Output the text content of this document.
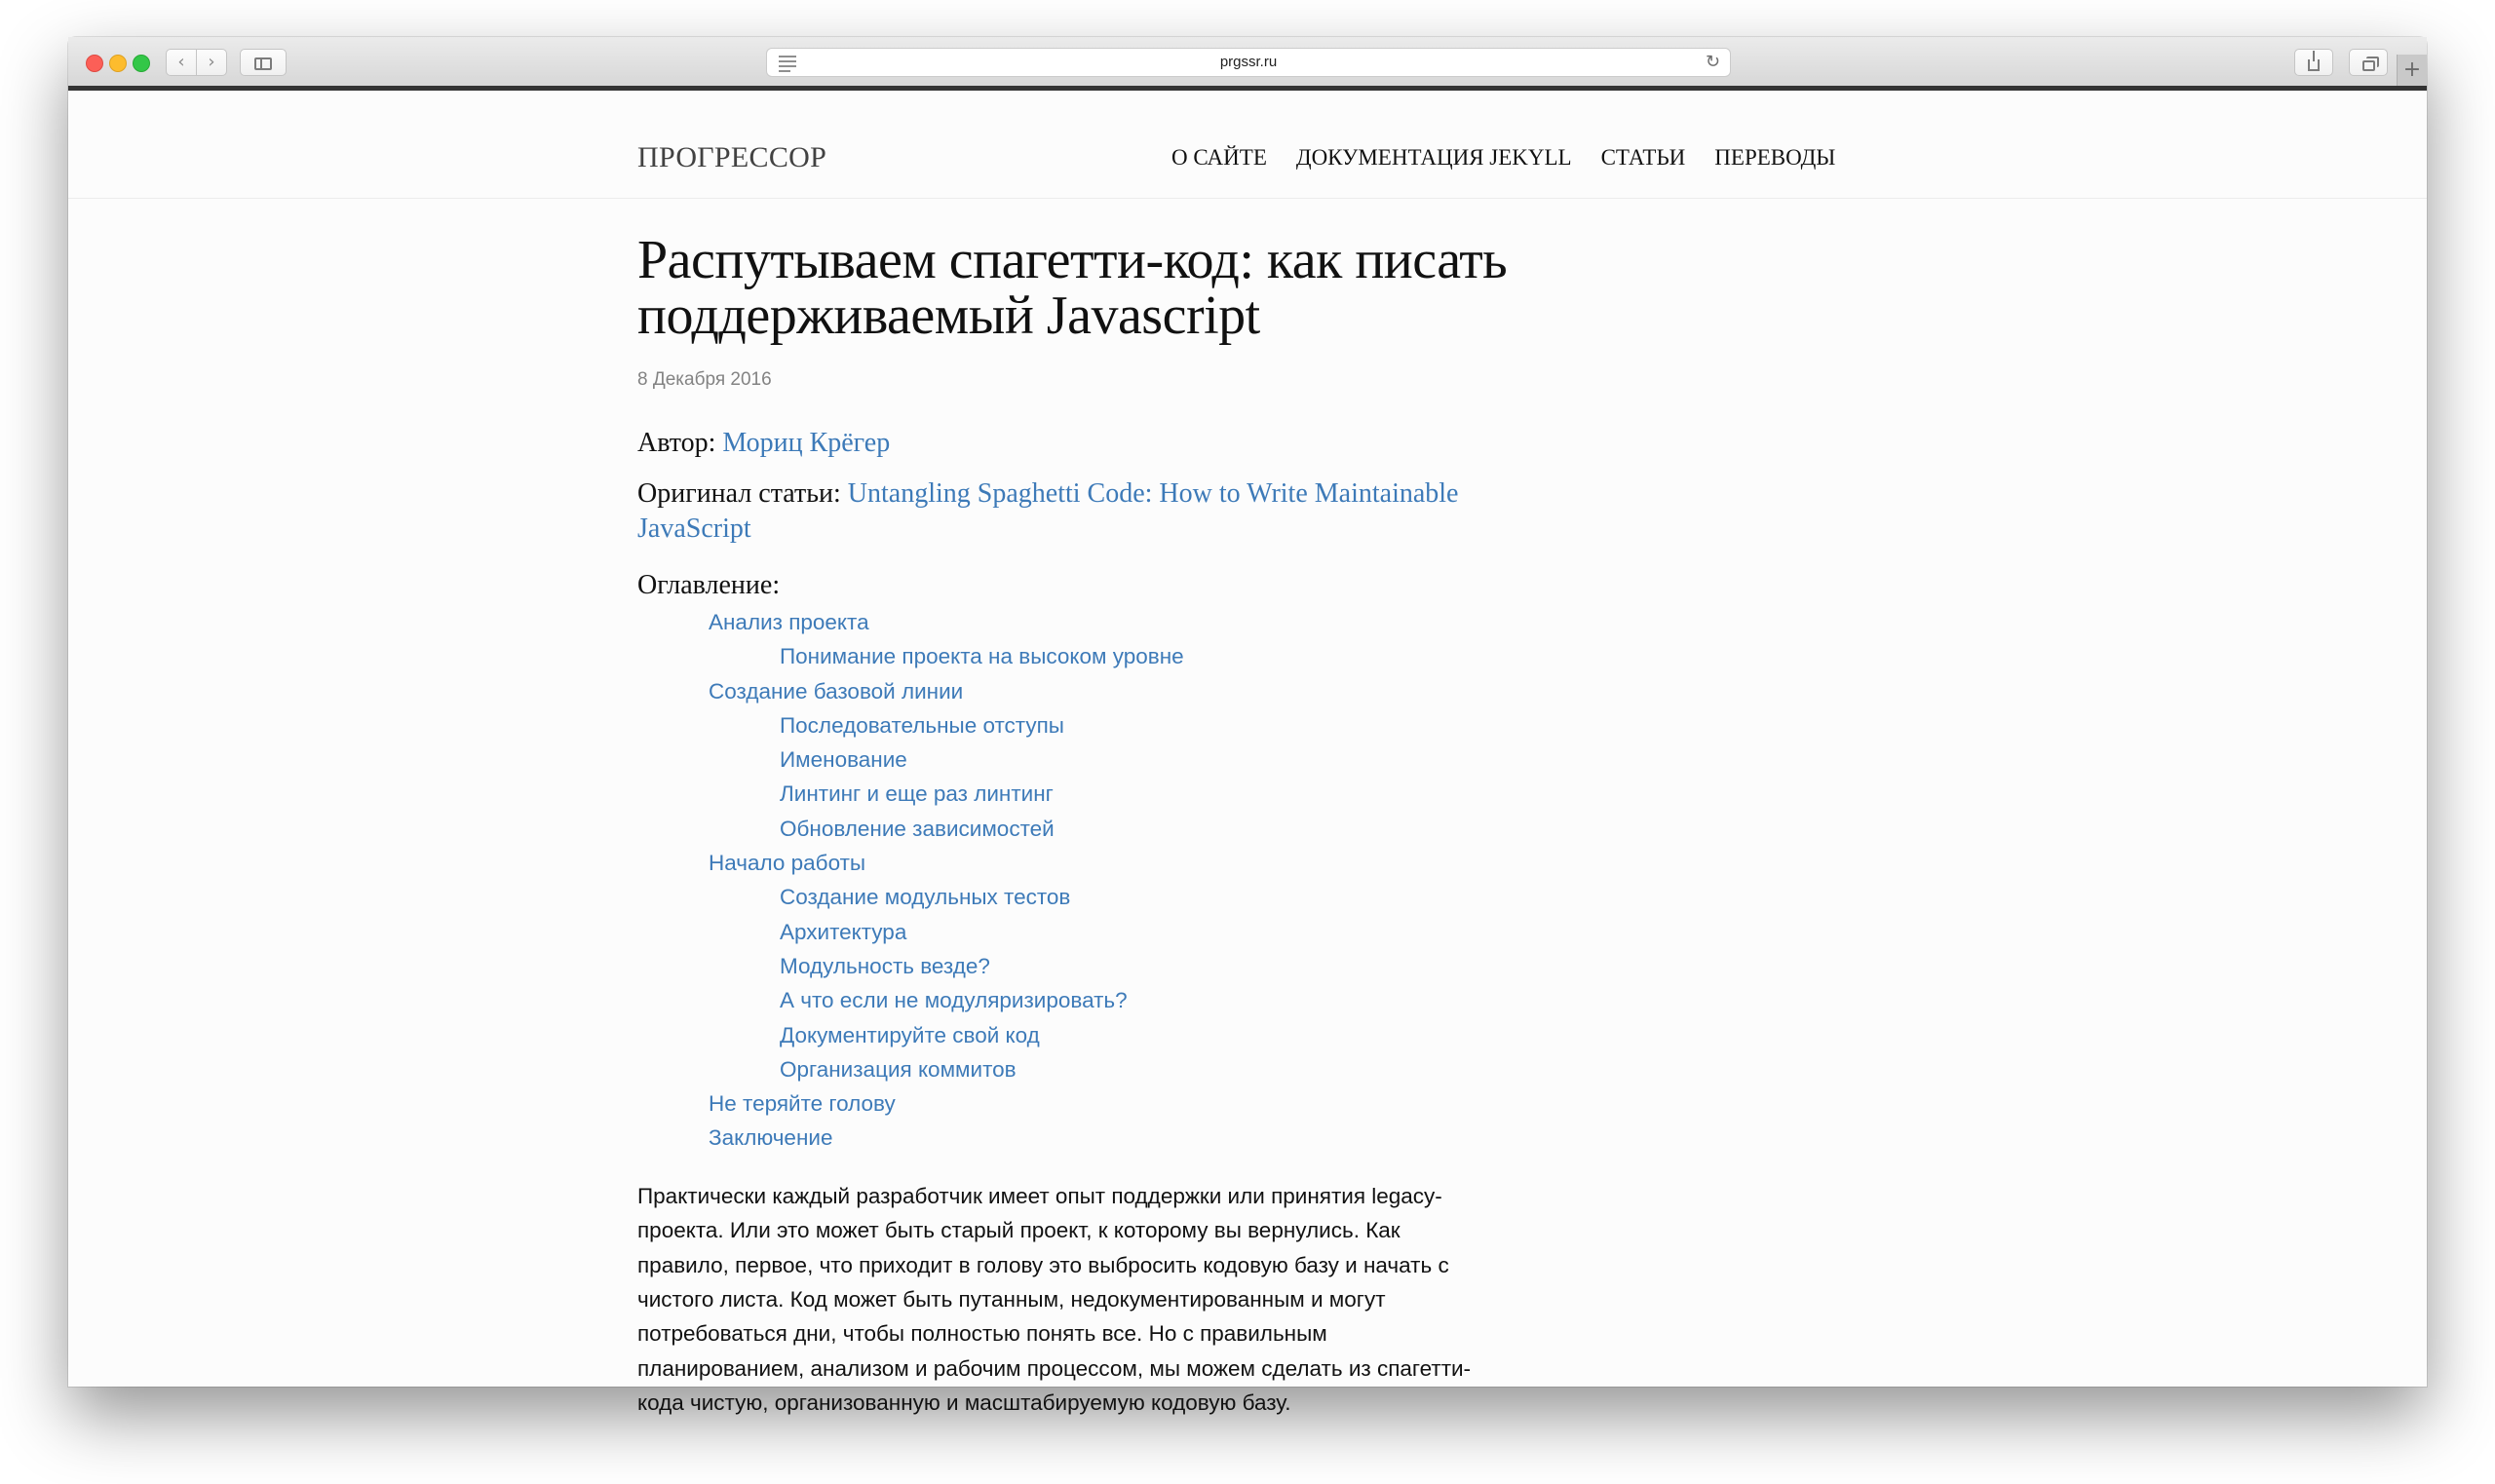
‹	›	prgssr.ru	↻	+
ПРОГРЕССОР	О САЙТЕ ДОКУМЕНТАЦИЯ JEKYLL СТАТЬИ ПЕРЕВОДЫ
Распутываем спагетти-код: как писать поддерживаемый Javascript
8 Декабря 2016
Автор: Мориц Крёгер
Оригинал статьи: Untangling Spaghetti Code: How to Write Maintainable JavaScript
Оглавление:
Анализ проекта
Понимание проекта на высоком уровне
Создание базовой линии
Последовательные отступы
Именование
Линтинг и еще раз линтинг
Обновление зависимостей
Начало работы
Создание модульных тестов
Архитектура
Модульность везде?
А что если не модуляризировать?
Документируйте свой код
Организация коммитов
Не теряйте голову
Заключение

Практически каждый разработчик имеет опыт поддержки или принятия legacy-

проекта. Или это может быть старый проект, к которому вы вернулись. Как

правило, первое, что приходит в голову это выбросить кодовую базу и начать с

чистого листа. Код может быть путанным, недокументированным и могут

потребоваться дни, чтобы полностью понять все. Но с правильным

планированием, анализом и рабочим процессом, мы можем сделать из спагетти-

кода чистую, организованную и масштабируемую кодовую базу.
